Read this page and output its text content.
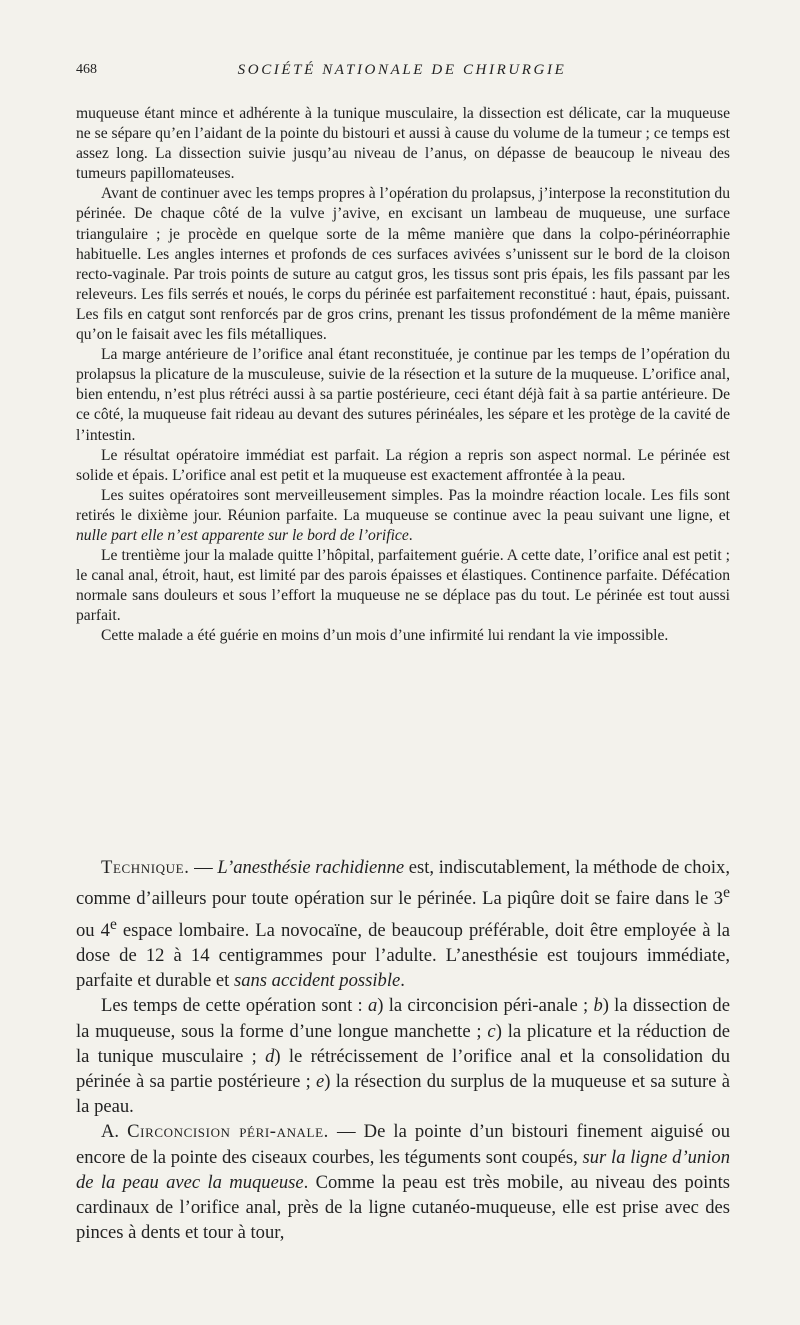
468	SOCIÉTÉ NATIONALE DE CHIRURGIE

muqueuse étant mince et adhérente à la tunique musculaire, la dissection est délicate, car la muqueuse ne se sépare qu’en l’aidant de la pointe du bistouri et aussi à cause du volume de la tumeur ; ce temps est assez long. La dissection suivie jusqu’au niveau de l’anus, on dépasse de beaucoup le niveau des tumeurs papillomateuses.

Avant de continuer avec les temps propres à l’opération du prolapsus, j’interpose la reconstitution du périnée. De chaque côté de la vulve j’avive, en excisant un lambeau de muqueuse, une surface triangulaire ; je procède en quelque sorte de la même manière que dans la colpo-périnéorraphie habituelle. Les angles internes et profonds de ces surfaces avivées s’unissent sur le bord de la cloison recto-vaginale. Par trois points de suture au catgut gros, les tissus sont pris épais, les fils passant par les releveurs. Les fils serrés et noués, le corps du périnée est parfaitement reconstitué : haut, épais, puissant. Les fils en catgut sont renforcés par de gros crins, prenant les tissus profondément de la même manière qu’on le faisait avec les fils métalliques.

La marge antérieure de l’orifice anal étant reconstituée, je continue par les temps de l’opération du prolapsus la plicature de la musculeuse, suivie de la résection et la suture de la muqueuse. L’orifice anal, bien entendu, n’est plus rétréci aussi à sa partie postérieure, ceci étant déjà fait à sa partie antérieure. De ce côté, la muqueuse fait rideau au devant des sutures périnéales, les sépare et les protège de la cavité de l’intestin.

Le résultat opératoire immédiat est parfait. La région a repris son aspect normal. Le périnée est solide et épais. L’orifice anal est petit et la muqueuse est exactement affrontée à la peau.

Les suites opératoires sont merveilleusement simples. Pas la moindre réaction locale. Les fils sont retirés le dixième jour. Réunion parfaite. La muqueuse se continue avec la peau suivant une ligne, et nulle part elle n’est apparente sur le bord de l’orifice.

Le trentième jour la malade quitte l’hôpital, parfaitement guérie. A cette date, l’orifice anal est petit ; le canal anal, étroit, haut, est limité par des parois épaisses et élastiques. Continence parfaite. Défécation normale sans douleurs et sous l’effort la muqueuse ne se déplace pas du tout. Le périnée est tout aussi parfait.

Cette malade a été guérie en moins d’un mois d’une infirmité lui rendant la vie impossible.

Technique. — L’anesthésie rachidienne est, indiscutablement, la méthode de choix, comme d’ailleurs pour toute opération sur le périnée. La piqûre doit se faire dans le 3e ou 4e espace lombaire. La novocaïne, de beaucoup préférable, doit être employée à la dose de 12 à 14 centigrammes pour l’adulte. L’anesthésie est toujours immédiate, parfaite et durable et sans accident possible.

Les temps de cette opération sont : a) la circoncision péri-anale ; b) la dissection de la muqueuse, sous la forme d’une longue manchette ; c) la plicature et la réduction de la tunique musculaire ; d) le rétrécissement de l’orifice anal et la consolidation du périnée à sa partie postérieure ; e) la résection du surplus de la muqueuse et sa suture à la peau.

A. Circoncision péri-anale. — De la pointe d’un bistouri finement aiguisé ou encore de la pointe des ciseaux courbes, les téguments sont coupés, sur la ligne d’union de la peau avec la muqueuse. Comme la peau est très mobile, au niveau des points cardinaux de l’orifice anal, près de la ligne cutanéo-muqueuse, elle est prise avec des pinces à dents et tour à tour,
